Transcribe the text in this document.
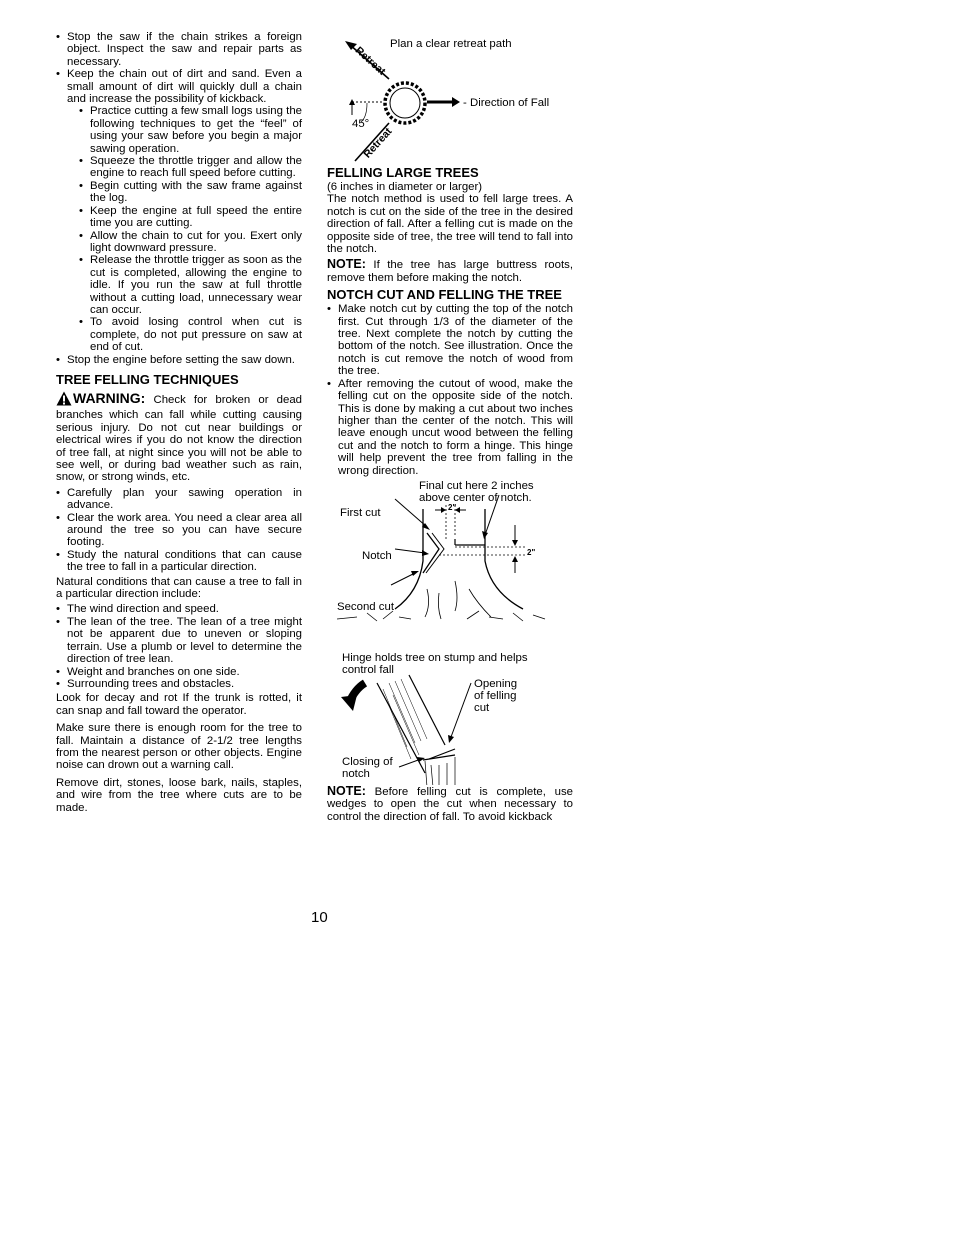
• Stop the saw if the chain strikes a foreign object. Inspect the saw and repair parts as necessary.
• Keep the chain out of dirt and sand. Even a small amount of dirt will quickly dull a chain and increase the possibility of kickback.
• Practice cutting a few small logs using the following techniques to get the “feel” of using your saw before you begin a major sawing operation.
• Squeeze the throttle trigger and allow the engine to reach full speed before cutting.
• Begin cutting with the saw frame against the log.
• Keep the engine at full speed the entire time you are cutting.
• Allow the chain to cut for you. Exert only light downward pressure.
• Release the throttle trigger as soon as the cut is completed, allowing the engine to idle. If you run the saw at full throttle without a cutting load, unnecessary wear can occur.
• To avoid losing control when cut is complete, do not put pressure on saw at end of cut.
• Stop the engine before setting the saw down.
TREE FELLING TECHNIQUES

WARNING: Check for broken or dead branches which can fall while cutting causing serious injury. Do not cut near buildings or electrical wires if you do not know the direction of tree fall, at night since you will not be able to see well, or during bad weather such as rain, snow, or strong winds, etc.

• Carefully plan your sawing operation in advance.
• Clear the work area. You need a clear area all around the tree so you can have secure footing.
• Study the natural conditions that can cause the tree to fall in a particular direction.

Natural conditions that can cause a tree to fall in a particular direction include:

• The wind direction and speed.
• The lean of the tree. The lean of a tree might not be apparent due to uneven or sloping terrain. Use a plumb or level to determine the direction of tree lean.
• Weight and branches on one side.
• Surrounding trees and obstacles.

Look for decay and rot If the trunk is rotted, it can snap and fall toward the operator.

Make sure there is enough room for the tree to fall. Maintain a distance of 2-1/2 tree lengths from the nearest person or other objects. Engine noise can drown out a warning call.

Remove dirt, stones, loose bark, nails, staples, and wire from the tree where cuts are to be made.

Plan a clear retreat path
Retreat
Retreat
- Direction of Fall
45°
FELLING LARGE TREES

(6 inches in diameter or larger)

The notch method is used to fell large trees. A notch is cut on the side of the tree in the desired direction of fall. After a felling cut is made on the opposite side of tree, the tree will tend to fall into the notch.

NOTE: If the tree has large buttress roots, remove them before making the notch.

NOTCH CUT AND FELLING THE TREE
• Make notch cut by cutting the top of the notch first. Cut through 1/3 of the diameter of the tree. Next complete the notch by cutting the bottom of the notch. See illustration. Once the notch is cut remove the notch of wood from the tree.
• After removing the cutout of wood, make the felling cut on the opposite side of the notch. This is done by making a cut about two inches higher than the center of the notch. This will leave enough uncut wood between the felling cut and the notch to form a hinge. This hinge will help prevent the tree from falling in the wrong direction.
Final cut here 2 inches
above center of notch.
First cut
Notch
Second cut
2"
2"
Hinge holds tree on stump and helps
control fall
Opening
of felling
cut
Closing of
notch

NOTE: Before felling cut is complete, use wedges to open the cut when necessary to control the direction of fall. To avoid kickback

10
